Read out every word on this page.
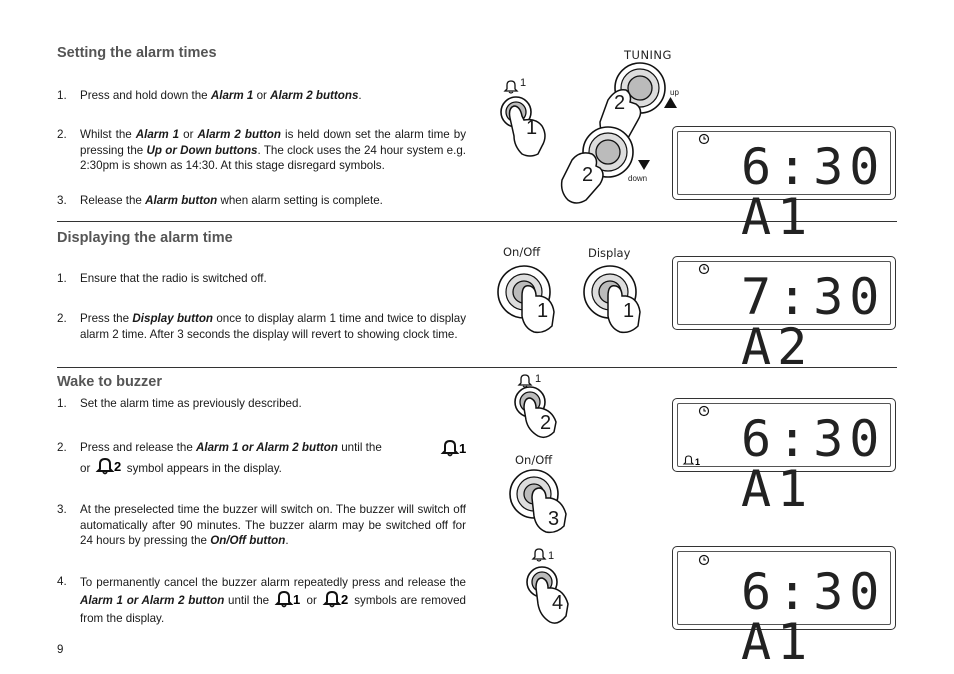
Setting the alarm times
1. Press and hold down the Alarm 1 or Alarm 2 buttons.
2. Whilst the Alarm 1 or Alarm 2 button is held down set the alarm time by pressing the Up or Down buttons. The clock uses the 24 hour system e.g. 2:30pm is shown as 14:30. At this stage disregard symbols.
3. Release the Alarm button when alarm setting is complete.
Displaying the alarm time
1. Ensure that the radio is switched off.
2. Press the Display button once to display alarm 1 time and twice to display alarm 2 time. After 3 seconds the display will revert to showing clock time.
Wake to buzzer
1. Set the alarm time as previously described.
2. Press and release the Alarm 1 or Alarm 2 button until the	1

or 2 symbol appears in the display.
3. At the preselected time the buzzer will switch on. The buzzer will switch off automatically after 90 minutes. The buzzer alarm may be switched off for 24 hours by pressing the On/Off button.
4. To permanently cancel the buzzer alarm repeatedly press and release the Alarm 1 or Alarm 2 button until the 1 or 2 symbols are removed from the display.
9
TUNING
up
down
1
1
2
2	6:30 A1
On/Off	Display
1	1 7:30 A2
1
2
On/Off
3
1
4
6:30 A1
1
6:30 A1
